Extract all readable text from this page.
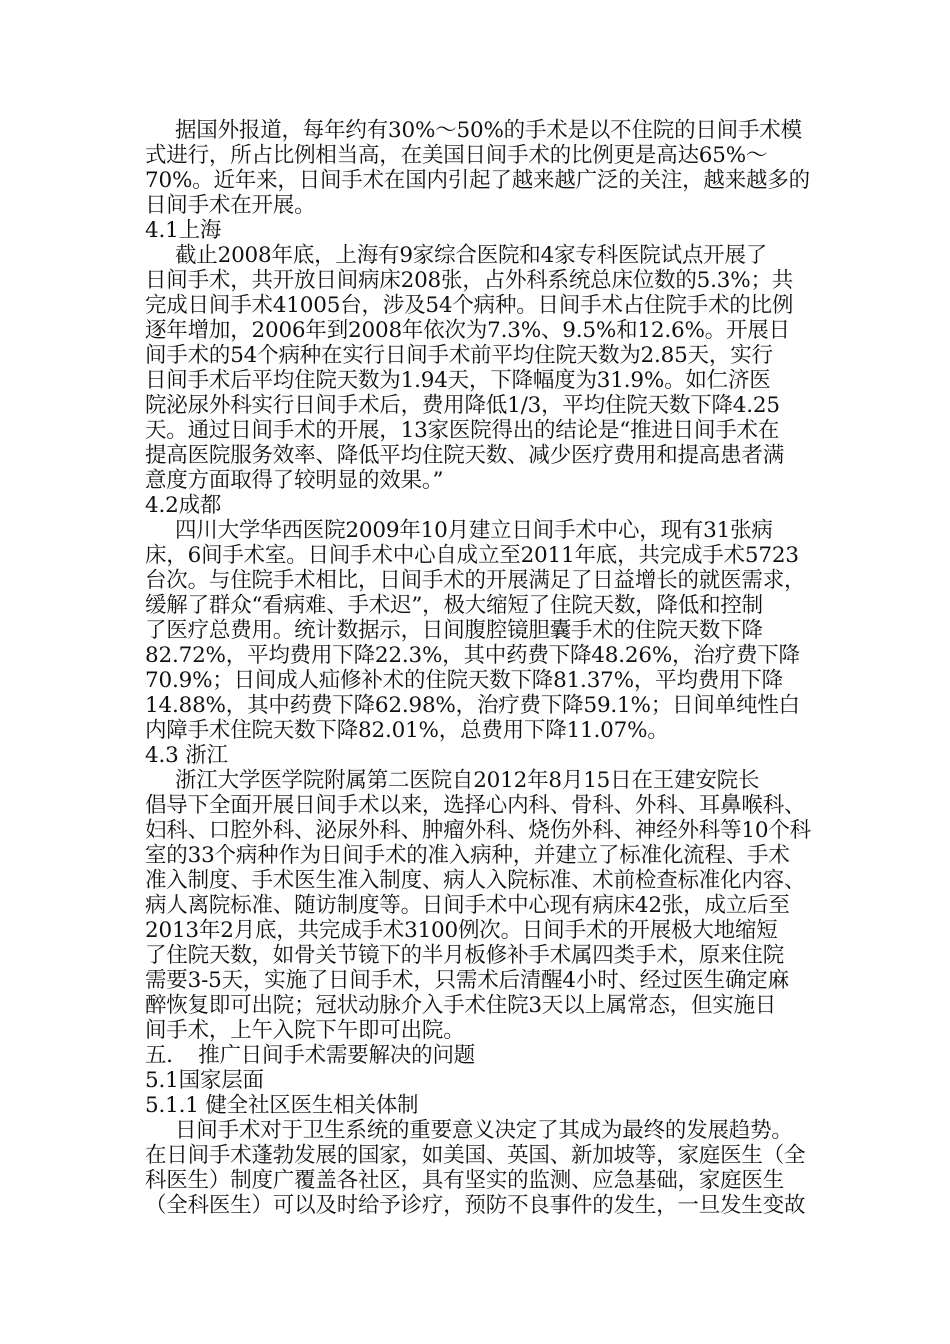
据国外报道，每年约有30%～50%的手术是以不住院的日间手术模
式进行，所占比例相当高，在美国日间手术的比例更是高达65%～
70%。近年来，日间手术在国内引起了越来越广泛的关注，越来越多的
日间手术在开展。
4.1上海
截止2008年底，上海有9家综合医院和4家专科医院试点开展了
日间手术，共开放日间病床208张，占外科系统总床位数的5.3%；共
完成日间手术41005台，涉及54个病种。日间手术占住院手术的比例
逐年增加，2006年到2008年依次为7.3%、9.5%和12.6%。开展日
间手术的54个病种在实行日间手术前平均住院天数为2.85天，实行
日间手术后平均住院天数为1.94天，下降幅度为31.9%。如仁济医
院泌尿外科实行日间手术后，费用降低1/3，平均住院天数下降4.25
天。通过日间手术的开展，13家医院得出的结论是“推进日间手术在
提高医院服务效率、降低平均住院天数、减少医疗费用和提高患者满
意度方面取得了较明显的效果。”
4.2成都
四川大学华西医院2009年10月建立日间手术中心，现有31张病
床，6间手术室。日间手术中心自成立至2011年底，共完成手术5723
台次。与住院手术相比，日间手术的开展满足了日益增长的就医需求，
缓解了群众“看病难、手术迟”，极大缩短了住院天数，降低和控制
了医疗总费用。统计数据示，日间腹腔镜胆囊手术的住院天数下降
82.72%，平均费用下降22.3%，其中药费下降48.26%，治疗费下降
70.9%；日间成人疝修补术的住院天数下降81.37%，平均费用下降
14.88%，其中药费下降62.98%，治疗费下降59.1%；日间单纯性白
内障手术住院天数下降82.01%，总费用下降11.07%。
4.3 浙江
浙江大学医学院附属第二医院自2012年8月15日在王建安院长
倡导下全面开展日间手术以来，选择心内科、骨科、外科、耳鼻喉科、
妇科、口腔外科、泌尿外科、肿瘤外科、烧伤外科、神经外科等10个科
室的33个病种作为日间手术的准入病种，并建立了标准化流程、手术
准入制度、手术医生准入制度、病人入院标准、术前检查标准化内容、
病人离院标准、随访制度等。日间手术中心现有病床42张，成立后至
2013年2月底，共完成手术3100例次。日间手术的开展极大地缩短
了住院天数，如骨关节镜下的半月板修补手术属四类手术，原来住院
需要3-5天，实施了日间手术，只需术后清醒4小时、经过医生确定麻
醉恢复即可出院；冠状动脉介入手术住院3天以上属常态，但实施日
间手术，上午入院下午即可出院。
五．　推广日间手术需要解决的问题
5.1国家层面
5.1.1 健全社区医生相关体制
日间手术对于卫生系统的重要意义决定了其成为最终的发展趋势。
在日间手术蓬勃发展的国家，如美国、英国、新加坡等，家庭医生（全
科医生）制度广覆盖各社区，具有坚实的监测、应急基础，家庭医生
（全科医生）可以及时给予诊疗，预防不良事件的发生，一旦发生变故
